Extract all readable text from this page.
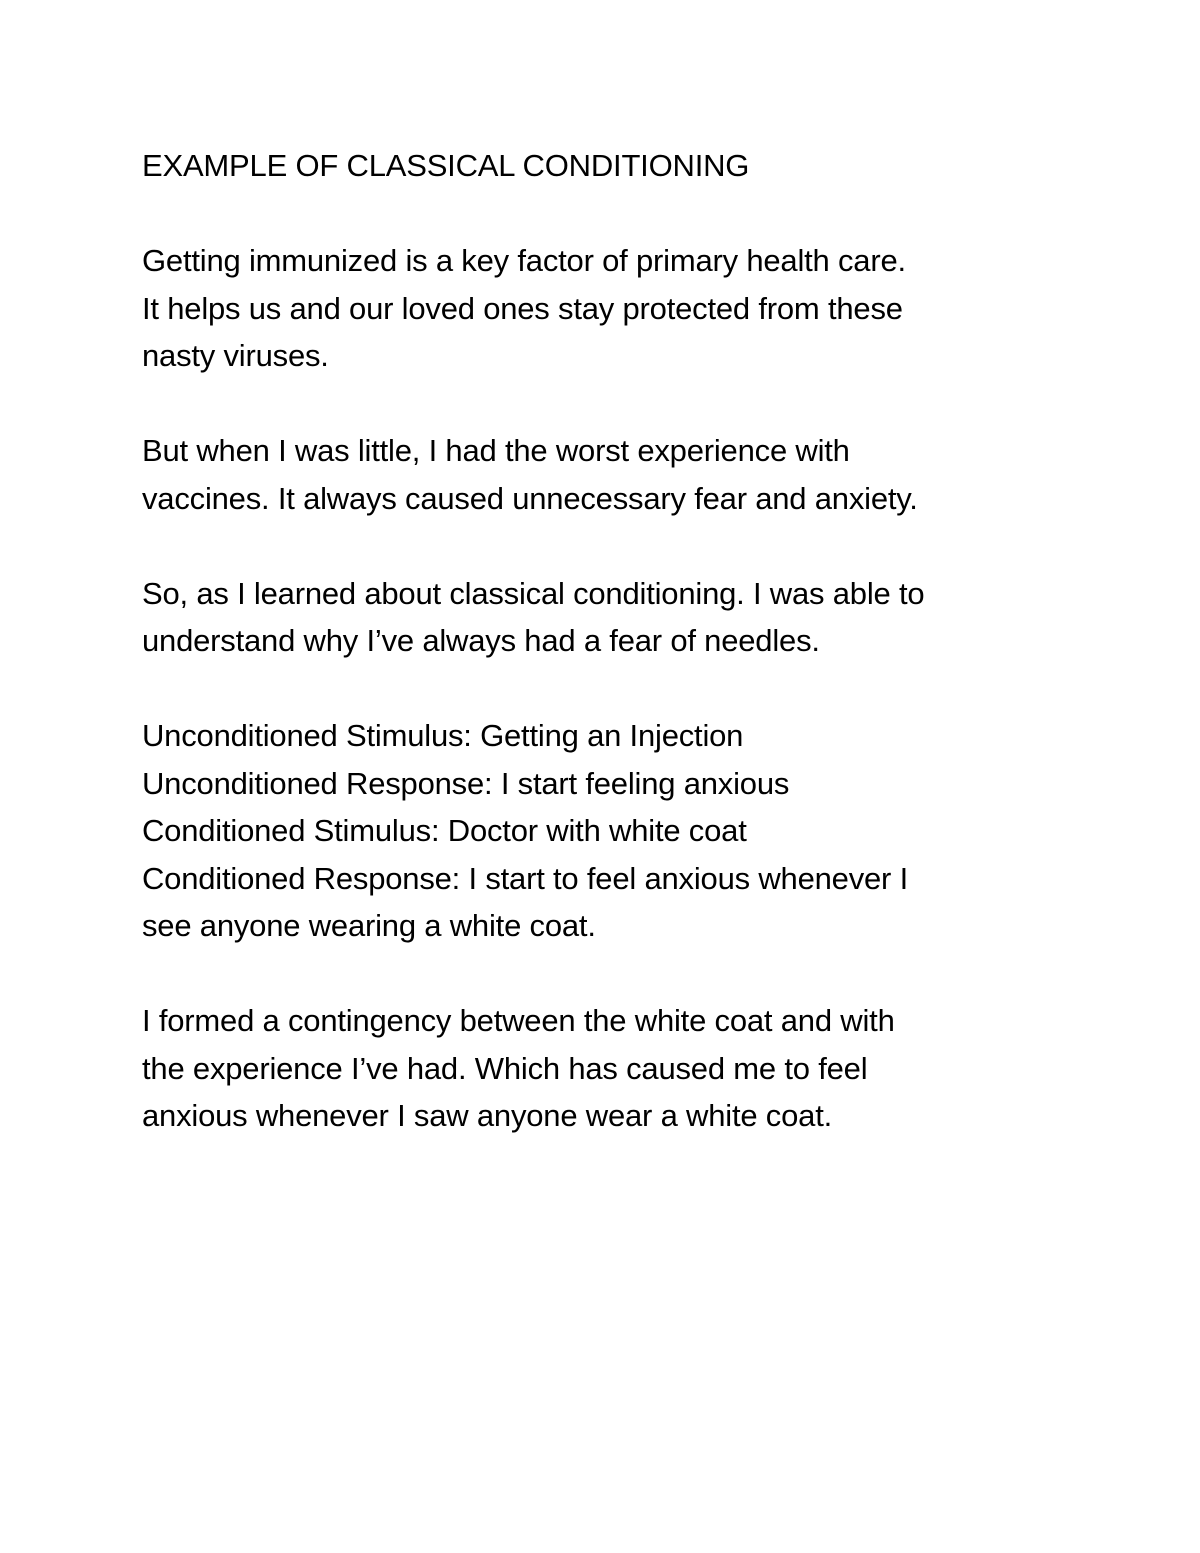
EXAMPLE OF CLASSICAL CONDITIONING
Getting immunized is a key factor of primary health care.
It helps us and our loved ones stay protected from these
nasty viruses.
But when I was little, I had the worst experience with
vaccines. It always caused unnecessary fear and anxiety.
So, as I learned about classical conditioning. I was able to
understand why I’ve always had a fear of needles.
Unconditioned Stimulus: Getting an Injection
Unconditioned Response: I start feeling anxious
Conditioned Stimulus: Doctor with white coat
Conditioned Response: I start to feel anxious whenever I
see anyone wearing a white coat.
I formed a contingency between the white coat and with
the experience I’ve had. Which has caused me to feel
anxious whenever I saw anyone wear a white coat.
